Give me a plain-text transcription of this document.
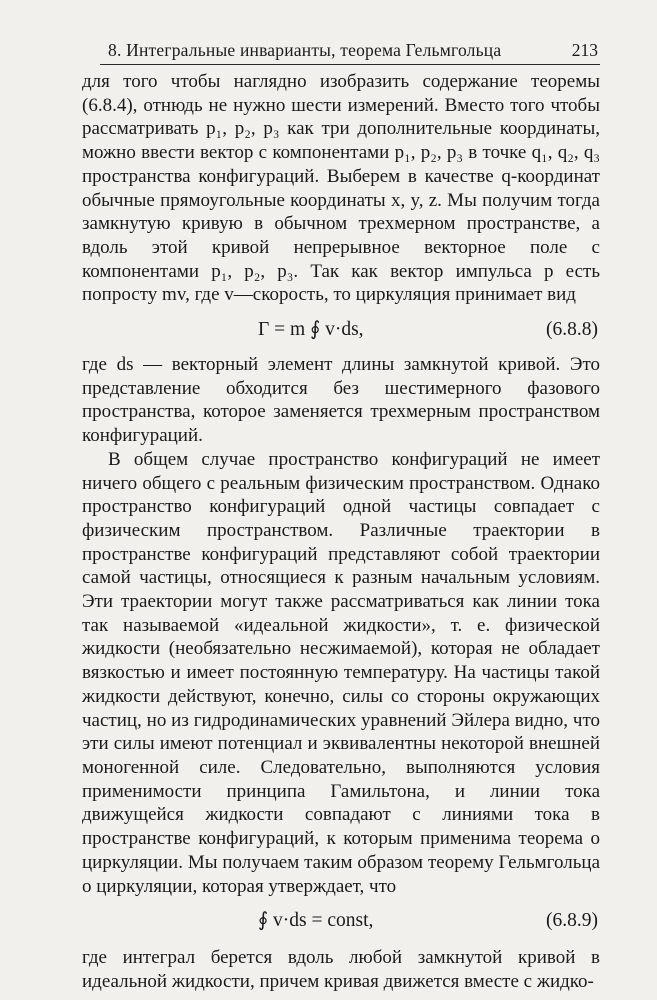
8. Интегральные инварианты, теорема Гельмгольца	213

для того чтобы наглядно изобразить содержание теоремы (6.8.4), отнюдь не нужно шести измерений. Вместо того чтобы рассматривать p₁, p₂, p₃ как три дополнительные координаты, можно ввести вектор с компонентами p₁, p₂, p₃ в точке q₁, q₂, q₃ пространства конфигураций. Выберем в качестве q-координат обычные прямоугольные координаты x, y, z. Мы получим тогда замкнутую кривую в обычном трехмерном пространстве, а вдоль этой кривой непрерывное векторное поле с компонентами p₁, p₂, p₃. Так как вектор импульса p есть попросту mv, где v—скорость, то циркуляция принимает вид

Γ = m ∮ v·ds,	(6.8.8)

где ds — векторный элемент длины замкнутой кривой. Это представление обходится без шестимерного фазового пространства, которое заменяется трехмерным пространством конфигураций.

В общем случае пространство конфигураций не имеет ничего общего с реальным физическим пространством. Однако пространство конфигураций одной частицы совпадает с физическим пространством. Различные траектории в пространстве конфигураций представляют собой траектории самой частицы, относящиеся к разным начальным условиям. Эти траектории могут также рассматриваться как линии тока так называемой «идеальной жидкости», т. е. физической жидкости (необязательно несжимаемой), которая не обладает вязкостью и имеет постоянную температуру. На частицы такой жидкости действуют, конечно, силы со стороны окружающих частиц, но из гидродинамических уравнений Эйлера видно, что эти силы имеют потенциал и эквивалентны некоторой внешней моногенной силе. Следовательно, выполняются условия применимости принципа Гамильтона, и линии тока движущейся жидкости совпадают с линиями тока в пространстве конфигураций, к которым применима теорема о циркуляции. Мы получаем таким образом теорему Гельмгольца о циркуляции, которая утверждает, что

∮ v·ds = const,	(6.8.9)

где интеграл берется вдоль любой замкнутой кривой в идеальной жидкости, причем кривая движется вместе с жидко-
